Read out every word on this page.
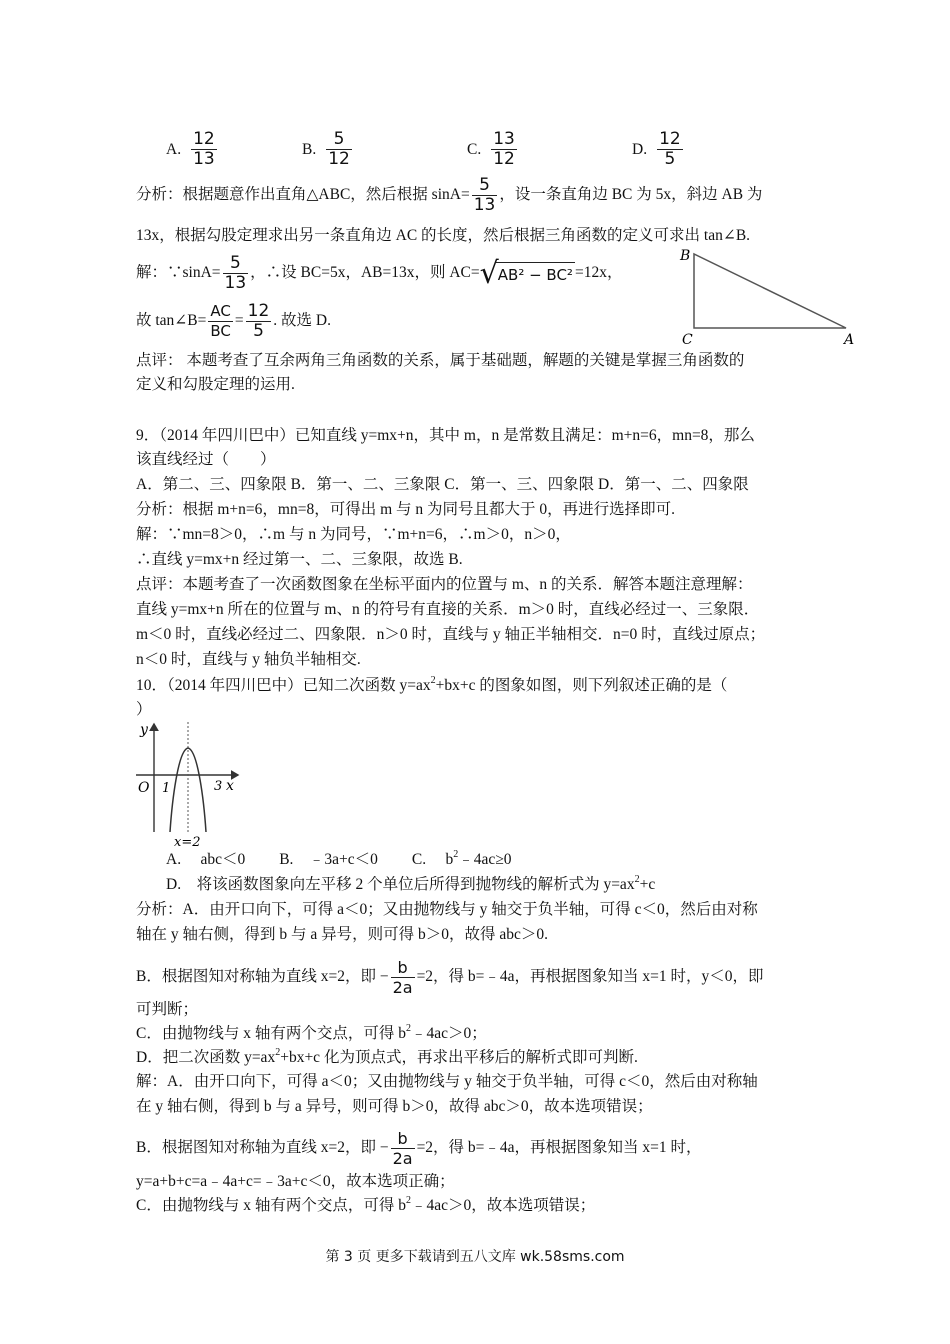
A. $\frac{12}{13}$	B. $\frac{5}{12}$	C. $\frac{13}{12}$	D. $\frac{12}{5}$
分析：根据题意作出直角△ABC，然后根据 $\sin A= \frac{5}{13}$ ，设一条直角边 BC 为 5x，斜边 AB 为
13x，根据勾股定理求出另一条直角边 AC 的长度，然后根据三角函数的定义可求出 tan∠B.
解：∵sinA= $\frac{5}{13}$ ，∴设 BC=5x，AB=13x，则 AC=√AB² − BC² =12x，
故 tan∠B= $\frac{AC}{BC} = \frac{12}{5}$ . 故选 D.
B
C	A
点评： 本题考查了互余两角三角函数的关系，属于基础题，解题的关键是掌握三角函数的
定义和勾股定理的运用.
9．（2014 年四川巴中）已知直线 y=mx+n，其中 m，n 是常数且满足：m+n=6，mn=8，那么
该直线经过（　　）
A．第二、三、四象限 B．第一、二、三象限 C．第一、三、四象限 D．第一、二、四象限
分析：根据 m+n=6，mn=8，可得出 m 与 n 为同号且都大于 0，再进行选择即可.
解：∵mn=8＞0，∴m 与 n 为同号，∵m+n=6，∴m＞0，n＞0，
∴直线 y=mx+n 经过第一、二、三象限，故选 B.
点评：本题考查了一次函数图象在坐标平面内的位置与 m、n 的关系．解答本题注意理解：
直线 y=mx+n 所在的位置与 m、n 的符号有直接的关系．m＞0 时，直线必经过一、三象限．
m＜0 时，直线必经过二、四象限．n＞0 时，直线与 y 轴正半轴相交．n=0 时，直线过原点；
n＜0 时，直线与 y 轴负半轴相交.
10．（2014 年四川巴中）已知二次函数 $y=ax^2+bx+c$ 的图象如图，则下列叙述正确的是（
）
y
O 1	3 x
x=2
A.　 abc＜0 B.　﹣3a+c＜0 C.　 $b^2﹣4ac\ge 0$
D.　将该函数图象向左平移 2 个单位后所得到抛物线的解析式为 $y=ax^2+c$
分析：A．由开口向下，可得 a＜0；又由抛物线与 y 轴交于负半轴，可得 c＜0，然后由对称
轴在 y 轴右侧，得到 b 与 a 异号，则可得 b＞0，故得 abc＞0.
B．根据图知对称轴为直线 x=2，即 − $\frac{b}{2a} =2$，得 b=﹣4a，再根据图象知当 x=1 时，y＜0，即
可判断；
C．由抛物线与 x 轴有两个交点，可得 $b^2﹣4ac>0$；
D．把二次函数 $y=ax^2+bx+c$ 化为顶点式，再求出平移后的解析式即可判断.
解：A．由开口向下，可得 a＜0；又由抛物线与 y 轴交于负半轴，可得 c＜0，然后由对称轴
在 y 轴右侧，得到 b 与 a 异号，则可得 b＞0，故得 abc＞0，故本选项错误；
B．根据图知对称轴为直线 x=2，即 − $\frac{b}{2a} =2$，得 b=﹣4a，再根据图象知当 x=1 时，
y=a+b+c=a﹣4a+c=﹣3a+c＜0，故本选项正确；
C．由抛物线与 x 轴有两个交点，可得 $b^2﹣4ac>0$，故本选项错误；
第 3 页 更多下载请到五八文库 wk.58sms.com
